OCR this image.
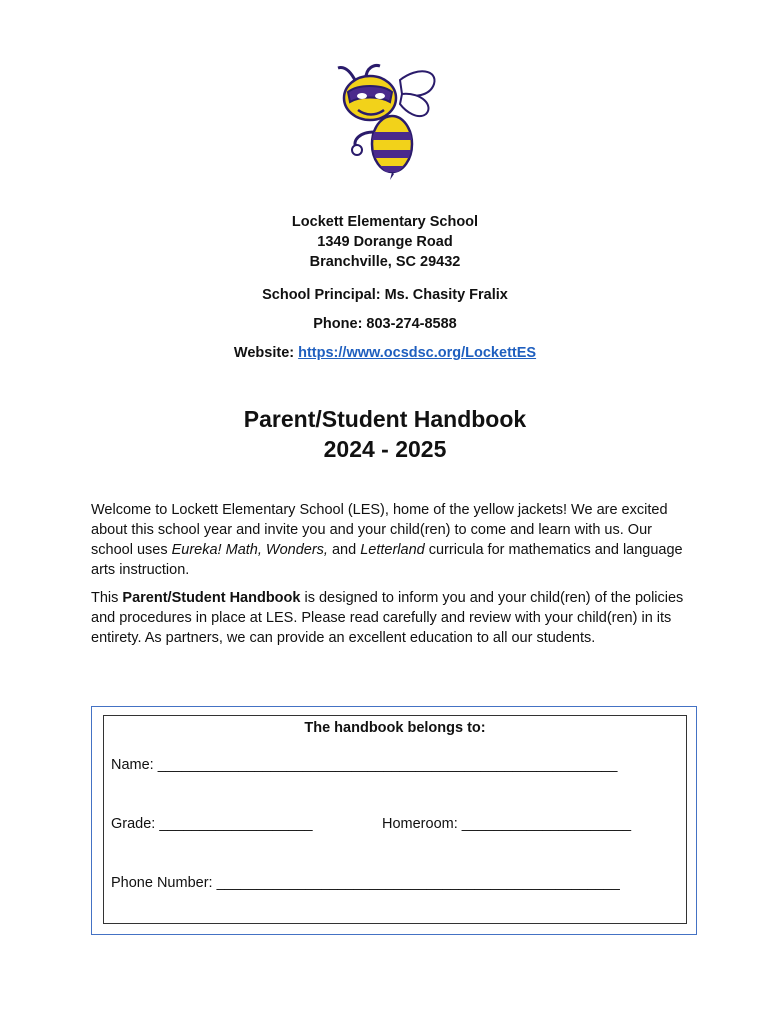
Lockett Elementary School
1349 Dorange Road
Branchville, SC 29432
School Principal: Ms. Chasity Fralix
Phone: 803-274-8588
Website: https://www.ocsdsc.org/LockettES
Parent/Student Handbook
2024 - 2025
Welcome to Lockett Elementary School (LES), home of the yellow jackets! We are excited about this school year and invite you and your child(ren) to come and learn with us. Our school uses Eureka! Math, Wonders, and Letterland curricula for mathematics and language arts instruction.
This Parent/Student Handbook is designed to inform you and your child(ren) of the policies and procedures in place at LES. Please read carefully and review with your child(ren) in its entirety. As partners, we can provide an excellent education to all our students.
The handbook belongs to:
Name: _________________________________________________________
Grade: ___________________	Homeroom: _____________________
Phone Number: __________________________________________________
